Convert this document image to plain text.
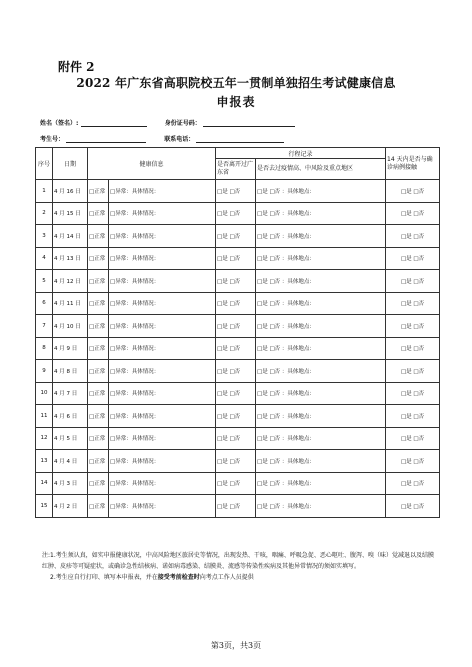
附件 2
2022 年广东省高职院校五年一贯制单独招生考试健康信息
申报表
姓名（签名）:	身份证号码：
考生号：	联系电话：
序号	日期	健康信息		行程记录		14 天内是否与确诊病例接触
				是否离开过广东省	是否去过疫情高、中风险及重点地区	
1	4 月 16 日	□正常	□异常：具体情况：	□是 □否	□是 □否 ：具体地点：	□是 □否
2	4 月 15 日	□正常	□异常：具体情况：	□是 □否	□是 □否 ：具体地点：	□是 □否
3	4 月 14 日	□正常	□异常：具体情况：	□是 □否	□是 □否 ：具体地点：	□是 □否
4	4 月 13 日	□正常	□异常：具体情况：	□是 □否	□是 □否 ：具体地点：	□是 □否
5	4 月 12 日	□正常	□异常：具体情况：	□是 □否	□是 □否 ：具体地点：	□是 □否
6	4 月 11 日	□正常	□异常：具体情况：	□是 □否	□是 □否 ：具体地点：	□是 □否
7	4 月 10 日	□正常	□异常：具体情况：	□是 □否	□是 □否 ：具体地点：	□是 □否
8	4 月 9 日	□正常	□异常：具体情况：	□是 □否	□是 □否 ：具体地点：	□是 □否
9	4 月 8 日	□正常	□异常：具体情况：	□是 □否	□是 □否 ：具体地点：	□是 □否
10	4 月 7 日	□正常	□异常：具体情况：	□是 □否	□是 □否 ：具体地点：	□是 □否
11	4 月 6 日	□正常	□异常：具体情况：	□是 □否	□是 □否 ：具体地点：	□是 □否
12	4 月 5 日	□正常	□异常：具体情况：	□是 □否	□是 □否 ：具体地点：	□是 □否
13	4 月 4 日	□正常	□异常：具体情况：	□是 □否	□是 □否 ：具体地点：	□是 □否
14	4 月 3 日	□正常	□异常：具体情况：	□是 □否	□是 □否 ：具体地点：	□是 □否
15	4 月 2 日	□正常	□异常：具体情况：	□是 □否	□是 □否 ：具体地点：	□是 □否

注:1.考生须认真，如实申报健康状况，中高风险地区旅居史等情况，出现发热、干咳，咽痛、呼吸急促、恶心呕吐、腹泻、嗅（味）觉减退以及结膜红肿、皮疹等可疑症状，或确诊急性结核病、诺如病毒感染、结膜炎、流感等传染性疾病及其他异常情况的须如实填写。

2.考生应自行打印、填写本申报表，并在接受考前检查时向考点工作人员提供

第3页，共3页
